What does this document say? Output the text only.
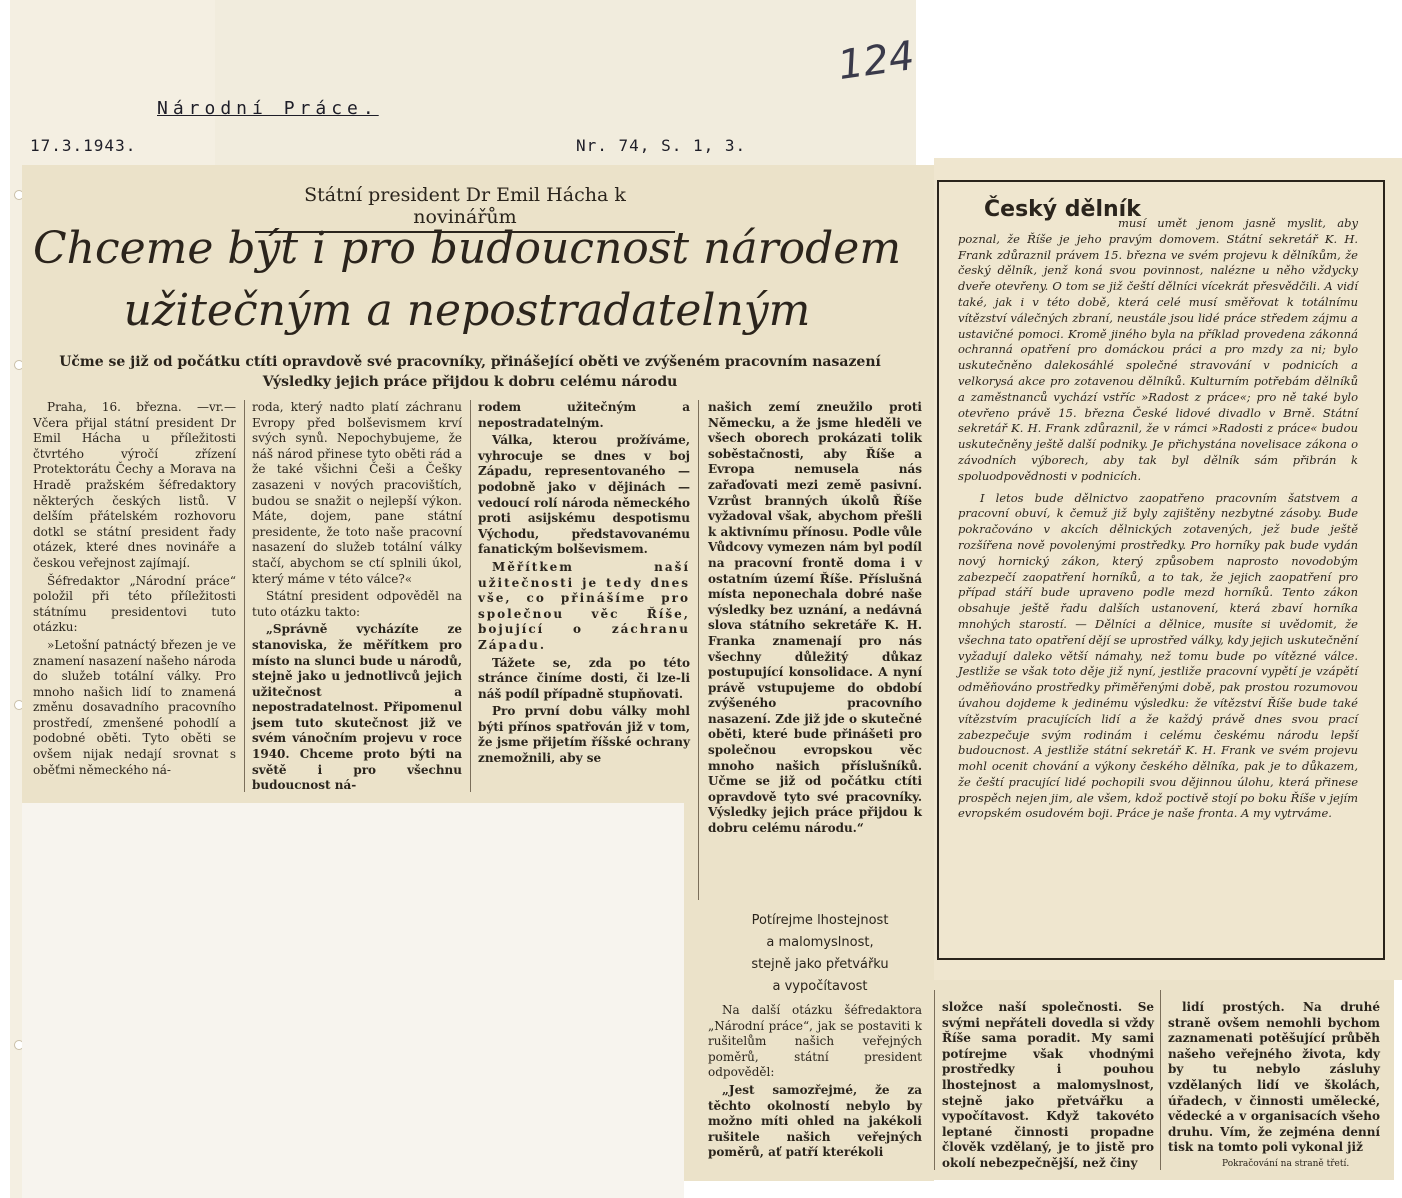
Národní Práce.
17.3.1943.	Nr. 74, S. 1, 3.
124
Státní president Dr Emil Hácha k novinářům
Chceme být i pro budoucnost národem
užitečným a nepostradatelným
Učme se již od počátku ctíti opravdově své pracovníky, přinášející oběti ve zvýšeném pracovním nasazení
Výsledky jejich práce přijdou k dobru celému národu

Praha, 16. března. —vr.— Včera přijal státní president Dr Emil Hácha u příležitosti čtvrtého výročí zřízení Protektorátu Čechy a Morava na Hradě pražském šéfredaktory některých českých listů. V delším přátelském rozhovoru dotkl se státní president řady otázek, které dnes novináře a českou veřejnost zajímají.

Šéfredaktor „Národní práce“ položil při této příležitosti státnímu presidentovi tuto otázku:

»Letošní patnáctý březen je ve znamení nasazení našeho národa do služeb totální války. Pro mnoho našich lidí to znamená změnu dosavadního pracovního prostředí, zmenšené pohodlí a podobné oběti. Tyto oběti se ovšem nijak nedají srovnat s oběťmi německého ná-

roda, který nadto platí záchranu Evropy před bolševismem krví svých synů. Nepochybujeme, že náš národ přinese tyto oběti rád a že také všichni Češi a Češky zasazeni v nových pracovištích, budou se snažit o nejlepší výkon. Máte, dojem, pane státní presidente, že toto naše pracovní nasazení do služeb totální války stačí, abychom se ctí splnili úkol, který máme v této válce?«

Státní president odpověděl na tuto otázku takto:

„Správně vycházíte ze stanoviska, že měřítkem pro místo na slunci bude u národů, stejně jako u jednotlivců jejich užitečnost a nepostradatelnost. Připomenul jsem tuto skutečnost již ve svém vánočním projevu v roce 1940. Chceme proto býti na světě i pro všechnu budoucnost ná-

rodem užitečným a nepostradatelným.

Válka, kterou prožíváme, vyhrocuje se dnes v boj Západu, representovaného — podobně jako v dějinách — vedoucí rolí národa německého proti asijskému despotismu Východu, představovanému fanatickým bolševismem.

Měřítkem naší užitečnosti je tedy dnes vše, co přinášíme pro společnou věc Říše, bojující o záchranu Západu.

Tážete se, zda po této stránce činíme dosti, či lze-li náš podíl případně stupňovati.

Pro první dobu války mohl býti přínos spatřován již v tom, že jsme přijetím říšské ochrany znemožnili, aby se

našich zemí zneužilo proti Německu, a že jsme hleděli ve všech oborech prokázati tolik soběstačnosti, aby Říše a Evropa nemusela nás zařaďovati mezi země pasivní. Vzrůst branných úkolů Říše vyžadoval však, abychom přešli k aktivnímu přínosu. Podle vůle Vůdcovy vymezen nám byl podíl na pracovní frontě doma i v ostatním území Říše. Příslušná místa neponechala dobré naše výsledky bez uznání, a nedávná slova státního sekretáře K. H. Franka znamenají pro nás všechny důležitý důkaz postupující konsolidace. A nyní právě vstupujeme do období zvýšeného pracovního nasazení. Zde již jde o skutečné oběti, které bude přinášeti pro společnou evropskou věc mnoho našich příslušníků. Učme se již od počátku ctíti opravdově tyto své pracovníky. Výsledky jejich práce přijdou k dobru celému národu.“

Potírejme lhostejnost
a malomyslnost,
stejně jako přetvářku
a vypočítavost

Na další otázku šéfredaktora „Národní práce“, jak se postaviti k rušitelům našich veřejných poměrů, státní president odpověděl:

„Jest samozřejmé, že za těchto okolností nebylo by možno míti ohled na jakékoli rušitele našich veřejných poměrů, ať patří kterékoli

složce naší společnosti. Se svými nepřáteli dovedla si vždy Říše sama poradit. My sami potírejme však vhodnými prostředky i pouhou lhostejnost a malomyslnost, stejně jako přetvářku a vypočítavost. Když takovéto leptané činnosti propadne člověk vzdělaný, je to jistě pro okolí nebezpečnější, než činy

lidí prostých. Na druhé straně ovšem nemohli bychom zaznamenati potěšující průběh našeho veřejného života, kdy by tu nebylo zásluhy vzdělaných lidí ve školách, úřadech, v činnosti umělecké, vědecké a v organisacích všeho druhu. Vím, že zejména denní tisk na tomto poli vykonal již

Pokračování na straně třetí.

musí umět jenom jasně myslit, aby poznal, že Říše je jeho pravým domovem. Státní sekretář K. H. Frank zdůraznil právem 15. března ve svém projevu k dělníkům, že český dělník, jenž koná svou povinnost, nalézne u něho vždycky dveře otevřeny. O tom se již čeští dělníci vícekrát přesvědčili. A vidí také, jak i v této době, která celé musí směřovat k totálnímu vítězství válečných zbraní, neustále jsou lidé práce středem zájmu a ustavičné pomoci. Kromě jiného byla na příklad provedena zákonná ochranná opatření pro domáckou práci a pro mzdy za ni; bylo uskutečněno dalekosáhlé společné stravování v podnicích a velkorysá akce pro zotavenou dělníků. Kulturním potřebám dělníků a zaměstnanců vychází vstříc »Radost z práce«; pro ně také bylo otevřeno právě 15. března České lidové divadlo v Brně. Státní sekretář K. H. Frank zdůraznil, že v rámci »Radosti z práce« budou uskutečněny ještě další podniky. Je přichystána novelisace zákona o závodních výborech, aby tak byl dělník sám přibrán k spoluodpovědnosti v podnicích.

I letos bude dělnictvo zaopatřeno pracovním šatstvem a pracovní obuví, k čemuž již byly zajištěny nezbytné zásoby. Bude pokračováno v akcích dělnických zotavených, jež bude ještě rozšířena nově povolenými prostředky. Pro horníky pak bude vydán nový hornický zákon, který způsobem naprosto novodobým zabezpečí zaopatření horníků, a to tak, že jejich zaopatření pro případ stáří bude upraveno podle mezd horníků. Tento zákon obsahuje ještě řadu dalších ustanovení, která zbaví horníka mnohých starostí. — Dělníci a dělnice, musíte si uvědomit, že všechna tato opatření dějí se uprostřed války, kdy jejich uskutečnění vyžadují daleko větší námahy, než tomu bude po vítězné válce. Jestliže se však toto děje již nyní, jestliže pracovní vypětí je vzápětí odměňováno prostředky přiměřenými době, pak prostou rozumovou úvahou dojdeme k jedinému výsledku: že vítězství Říše bude také vítězstvím pracujících lidí a že každý právě dnes svou prací zabezpečuje svým rodinám i celému českému národu lepší budoucnost. A jestliže státní sekretář K. H. Frank ve svém projevu mohl ocenit chování a výkony českého dělníka, pak je to důkazem, že čeští pracující lidé pochopili svou dějinnou úlohu, která přinese prospěch nejen jim, ale všem, kdož poctivě stojí po boku Říše v jejím evropském osudovém boji. Práce je naše fronta. A my vytrváme.

Český dělník
